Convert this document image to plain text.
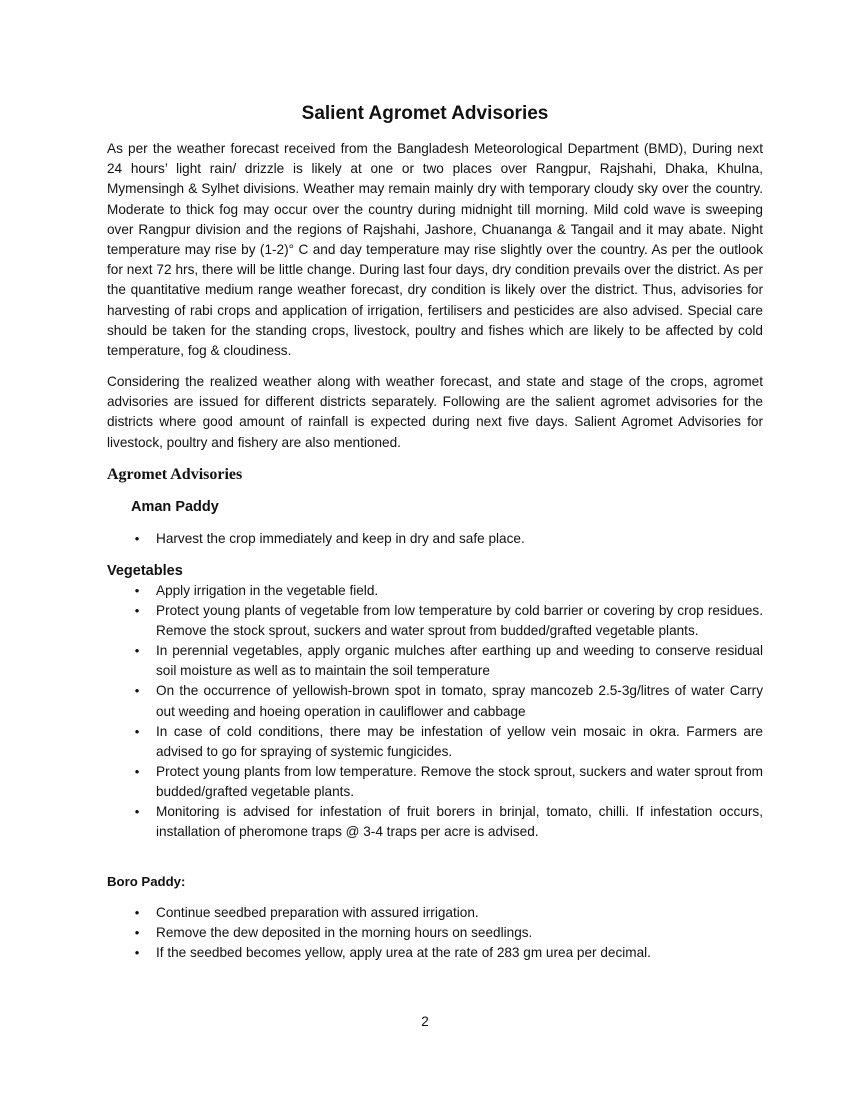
Salient Agromet Advisories

As per the weather forecast received from the Bangladesh Meteorological Department (BMD), During next 24 hours’ light rain/ drizzle is likely at one or two places over Rangpur, Rajshahi, Dhaka, Khulna, Mymensingh & Sylhet divisions. Weather may remain mainly dry with temporary cloudy sky over the country. Moderate to thick fog may occur over the country during midnight till morning. Mild cold wave is sweeping over Rangpur division and the regions of Rajshahi, Jashore, Chuananga & Tangail and it may abate. Night temperature may rise by (1-2)° C and day temperature may rise slightly over the country. As per the outlook for next 72 hrs, there will be little change. During last four days, dry condition prevails over the district. As per the quantitative medium range weather forecast, dry condition is likely over the district. Thus, advisories for harvesting of rabi crops and application of irrigation, fertilisers and pesticides are also advised. Special care should be taken for the standing crops, livestock, poultry and fishes which are likely to be affected by cold temperature, fog & cloudiness.

Considering the realized weather along with weather forecast, and state and stage of the crops, agromet advisories are issued for different districts separately. Following are the salient agromet advisories for the districts where good amount of rainfall is expected during next five days. Salient Agromet Advisories for livestock, poultry and fishery are also mentioned.

Agromet Advisories
Aman Paddy
•	Harvest the crop immediately and keep in dry and safe place.
Vegetables
•	Apply irrigation in the vegetable field.
•	Protect young plants of vegetable from low temperature by cold barrier or covering by crop residues. Remove the stock sprout, suckers and water sprout from budded/grafted vegetable plants.
•	In perennial vegetables, apply organic mulches after earthing up and weeding to conserve residual soil moisture as well as to maintain the soil temperature
•	On the occurrence of yellowish-brown spot in tomato, spray mancozeb 2.5-3g/litres of water Carry out weeding and hoeing operation in cauliflower and cabbage
•	In case of cold conditions, there may be infestation of yellow vein mosaic in okra. Farmers are advised to go for spraying of systemic fungicides.
•	Protect young plants from low temperature. Remove the stock sprout, suckers and water sprout from budded/grafted vegetable plants.
•	Monitoring is advised for infestation of fruit borers in brinjal, tomato, chilli. If infestation occurs, installation of pheromone traps @ 3-4 traps per acre is advised.
Boro Paddy:
•	Continue seedbed preparation with assured irrigation.
•	Remove the dew deposited in the morning hours on seedlings.
•	If the seedbed becomes yellow, apply urea at the rate of 283 gm urea per decimal.
2
